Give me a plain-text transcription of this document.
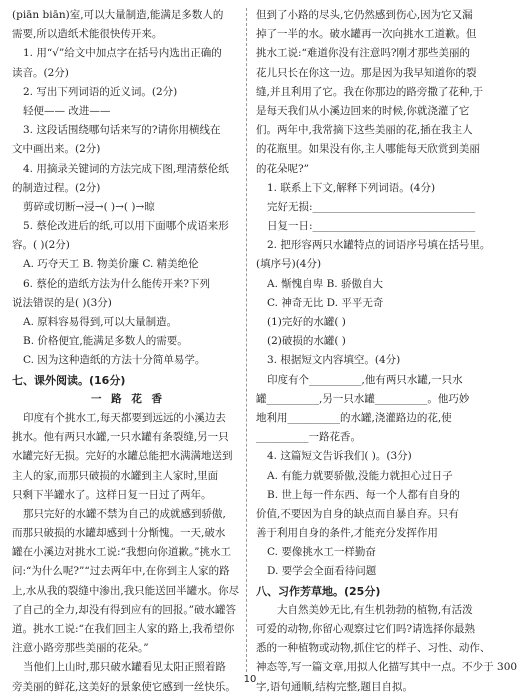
(piān biān)室,可以大量制造,能满足多数人的
需要,所以造纸术能很快传开来。
1. 用“√”给文中加点字在括号内选出正确的
读音。(2分)
2. 写出下列词语的近义词。(2分)
轻便—— 改进——
3. 这段话围绕哪句话来写的?请你用横线在
文中画出来。(2分)
4. 用摘录关键词的方法完成下图,理清蔡伦纸
的制造过程。(2分)
剪碎或切断→浸→( )→( )→晾
5. 蔡伦改进后的纸,可以用下面哪个成语来形
容。( )(2分)
A. 巧夺天工 B. 物美价廉 C. 精美绝伦
6. 蔡伦的造纸方法为什么能传开来?下列
说法错误的是( )(3分)
A. 原料容易得到,可以大量制造。
B. 价格便宜,能满足多数人的需要。
C. 因为这种造纸的方法十分简单易学。
七、课外阅读。(16分)
一 路 花 香
印度有个挑水工,每天都要到远远的小溪边去
挑水。他有两只水罐,一只水罐有条裂缝,另一只
水罐完好无损。完好的水罐总能把水满满地送到
主人的家,而那只破损的水罐到主人家时,里面
只剩下半罐水了。这样日复一日过了两年。
那只完好的水罐不禁为自己的成就感到骄傲,
而那只破损的水罐却感到十分惭愧。一天,破水
罐在小溪边对挑水工说:“我想向你道歉。”挑水工
问:“为什么呢?”“过去两年中,在你到主人家的路
上,水从我的裂缝中渗出,我只能送回半罐水。你尽
了自己的全力,却没有得到应有的回报。”破水罐答
道。挑水工说:“在我们回主人家的路上,我希望你
注意小路旁那些美丽的花朵。”
当他们上山时,那只破水罐看见太阳正照着路
旁美丽的鲜花,这美好的景象使它感到一丝快乐。
但到了小路的尽头,它仍然感到伤心,因为它又漏
掉了一半的水。破水罐再一次向挑水工道歉。但
挑水工说:“难道你没有注意吗?刚才那些美丽的
花儿只长在你这一边。那是因为我早知道你的裂
缝,并且利用了它。我在你那边的路旁撒了花种,于
是每天我们从小溪边回来的时候,你就浇灌了它
们。两年中,我常摘下这些美丽的花,插在我主人
的花瓶里。如果没有你,主人哪能每天欣赏到美丽
的花朵呢?”
1. 联系上下文,解释下列词语。(4分)
完好无损:_______________________________
日复一日:_______________________________
2. 把形容两只水罐特点的词语序号填在括号里。
(填序号)(4分)
A. 惭愧自卑 B. 骄傲自大
C. 神奇无比 D. 平平无奇
(1)完好的水罐( )
(2)破损的水罐( )
3. 根据短文内容填空。(4分)
印度有个__________,他有两只水罐,一只水
罐__________,另一只水罐__________。他巧妙
地利用__________的水罐,浇灌路边的花,使
__________一路花香。
4. 这篇短文告诉我们( )。(3分)
A. 有能力就要骄傲,没能力就担心过日子
B. 世上每一件东西、每一个人都有自身的
价值,不要因为自身的缺点而自暴自弃。只有
善于利用自身的条件,才能充分发挥作用
C. 要像挑水工一样勤奋
D. 要学会全面看待问题
八、习作芳草地。(25分)
大自然美妙无比,有生机勃勃的植物,有活泼
可爱的动物,你留心观察过它们吗?请选择你最熟
悉的一种植物或动物,抓住它的样子、习性、动作、
神态等,写一篇文章,用拟人化描写其中一点。不少于 300
字,语句通顺,结构完整,题目自拟。
10
